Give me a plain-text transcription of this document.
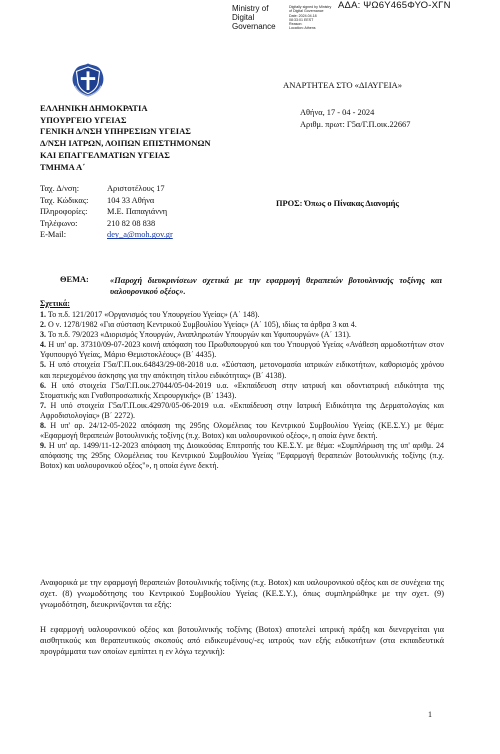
ΑΔΑ: ΨΩ6Υ465ΦΥΟ-ΧΓΝ
Ministry of
Digital
Governance
Digitally signed by Ministry
of Digital Governance
Date: 2024.04.18
08:33:01 EEST
Reason:
Location: Athens
ΑΝΑΡΤΗΤΕΑ ΣΤΟ «ΔΙΑΥΓΕΙΑ»
Αθήνα, 17 - 04 - 2024
Αριθμ. πρωτ: Γ5α/Γ.Π.οικ.22667
ΠΡΟΣ: Όπως ο Πίνακας Διανομής
ΕΛΛΗΝΙΚΗ ΔΗΜΟΚΡΑΤΙΑ
ΥΠΟΥΡΓΕΙΟ ΥΓΕΙΑΣ
ΓΕΝΙΚΗ Δ/ΝΣΗ ΥΠΗΡΕΣΙΩΝ ΥΓΕΙΑΣ
Δ/ΝΣΗ ΙΑΤΡΩΝ, ΛΟΙΠΩΝ ΕΠΙΣΤΗΜΟΝΩΝ
ΚΑΙ ΕΠΑΓΓΕΛΜΑΤΙΩΝ ΥΓΕΙΑΣ
ΤΜΗΜΑ Α΄
Ταχ. Δ/νση:	Αριστοτέλους 17
Ταχ. Κώδικας:	104 33 Αθήνα
Πληροφορίες:	Μ.Ε. Παπαγιάννη
Τηλέφωνο:	210 82 08 838
E-Mail:	dey_a@moh.gov.gr
ΘΕΜΑ:	«Παροχή διευκρινίσεων σχετικά με την εφαρμογή θεραπειών βοτουλινικής τοξίνης και υαλουρονικού οξέος».
Σχετικά:

1. Το π.δ. 121/2017 «Οργανισμός του Υπουργείου Υγείας» (Α΄ 148).

2. Ο ν. 1278/1982 «Για σύσταση Κεντρικού Συμβουλίου Υγείας» (Α΄ 105), ιδίως τα άρθρα 3 και 4.

3. Το π.δ. 79/2023 «Διορισμός Υπουργών, Αναπληρωτών Υπουργών και Υφυπουργών» (Α΄ 131).

4. Η υπ' αρ. 37310/09-07-2023 κοινή απόφαση του Πρωθυπουργού και του Υπουργού Υγείας «Ανάθεση αρμοδιοτήτων στον Υφυπουργό Υγείας, Μάριο Θεμιστοκλέους» (Β΄ 4435).

5. Η υπό στοιχεία Γ5α/Γ.Π.οικ.64843/29-08-2018 υ.α. «Σύσταση, μετονομασία ιατρικών ειδικοτήτων, καθορισμός χρόνου και περιεχομένου άσκησης για την απόκτηση τίτλου ειδικότητας» (Β΄ 4138).

6. Η υπό στοιχεία Γ5α/Γ.Π.οικ.27044/05-04-2019 υ.α. «Εκπαίδευση στην ιατρική και οδοντιατρική ειδικότητα της Στοματικής και Γναθοπροσωπικής Χειρουργικής» (Β΄ 1343).

7. Η υπό στοιχεία Γ5α/Γ.Π.οικ.42970/05-06-2019 υ.α. «Εκπαίδευση στην Ιατρική Ειδικότητα της Δερματολογίας και Αφροδισιολογίας» (Β΄ 2272).

8. Η υπ' αρ. 24/12-05-2022 απόφαση της 295ης Ολομέλειας του Κεντρικού Συμβουλίου Υγείας (ΚΕ.Σ.Υ.) με θέμα: «Εφαρμογή θεραπειών βοτουλινικής τοξίνης (π.χ. Botox) και υαλουρονικού οξέος», η οποία έγινε δεκτή.

9. Η υπ' αρ. 1499/11-12-2023 απόφαση της Διοικούσας Επιτροπής του ΚΕ.Σ.Υ. με θέμα: «Συμπλήρωση της υπ' αριθμ. 24 απόφασης της 295ης Ολομέλειας του Κεντρικού Συμβουλίου Υγείας "Εφαρμογή θεραπειών βοτουλινικής τοξίνης (π.χ. Botox) και υαλουρονικού οξέος"», η οποία έγινε δεκτή.

Αναφορικά με την εφαρμογή θεραπειών βοτουλινικής τοξίνης (π.χ. Botox) και υαλουρονικού οξέος και σε συνέχεια της σχετ. (8) γνωμοδότησης του Κεντρικού Συμβουλίου Υγείας (ΚΕ.Σ.Υ.), όπως συμπληρώθηκε με την σχετ. (9) γνωμοδότηση, διευκρινίζονται τα εξής:

Η εφαρμογή υαλουρονικού οξέος και βοτουλινικής τοξίνης (Botox) αποτελεί ιατρική πράξη και διενεργείται για αισθητικούς και θεραπευτικούς σκοπούς από ειδικευμένους/-ες ιατρούς των εξής ειδικοτήτων (στα εκπαιδευτικά προγράμματα των οποίων εμπίπτει η εν λόγω τεχνική):

1
